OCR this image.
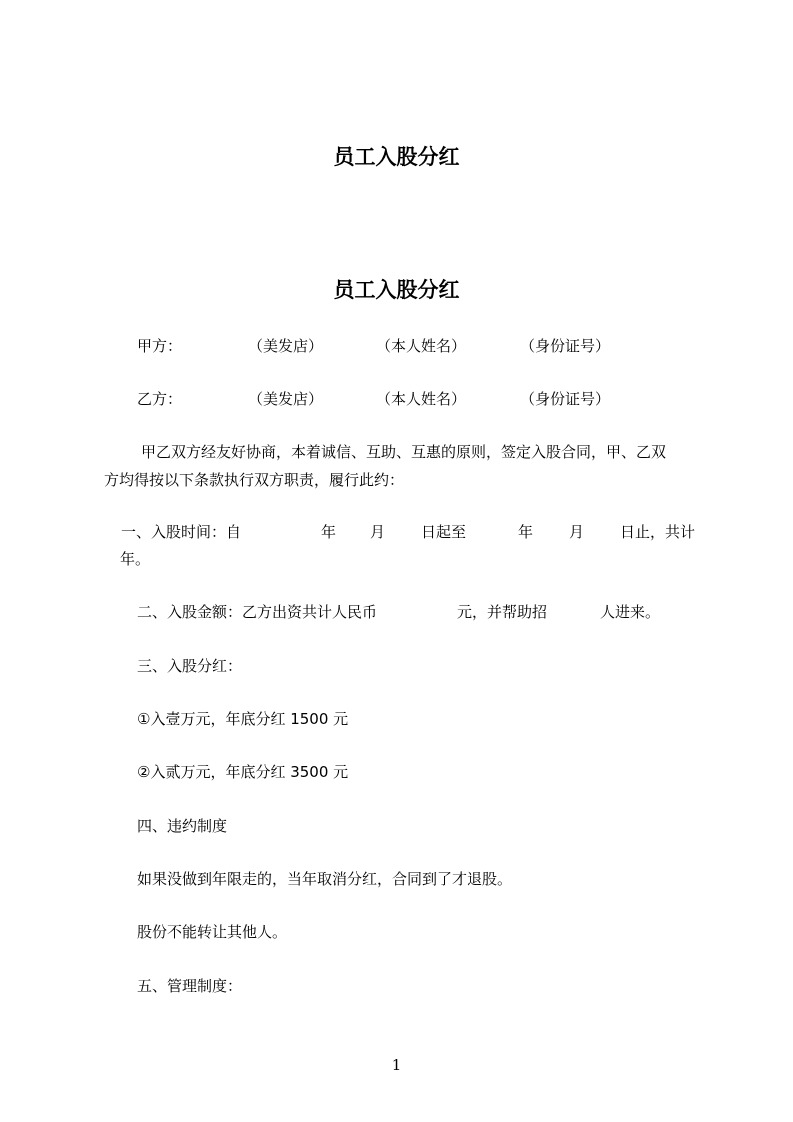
员工入股分红
员工入股分红
甲方：	（美发店）	（本人姓名）	（身份证号）
乙方：	（美发店）	（本人姓名）	（身份证号）

甲乙双方经友好协商，本着诚信、互助、互惠的原则，签定入股合同，甲、乙双

方均得按以下条款执行双方职责，履行此约：

一、入股时间：自	年 月 日起至	年 月 日止，共计
年。
二、入股金额：乙方出资共计人民币	元，并帮助招	人进来。

三、入股分红：

①入壹万元，年底分红 1500 元

②入贰万元，年底分红 3500 元

四、违约制度

如果没做到年限走的，当年取消分红，合同到了才退股。

股份不能转让其他人。

五、管理制度：

1
